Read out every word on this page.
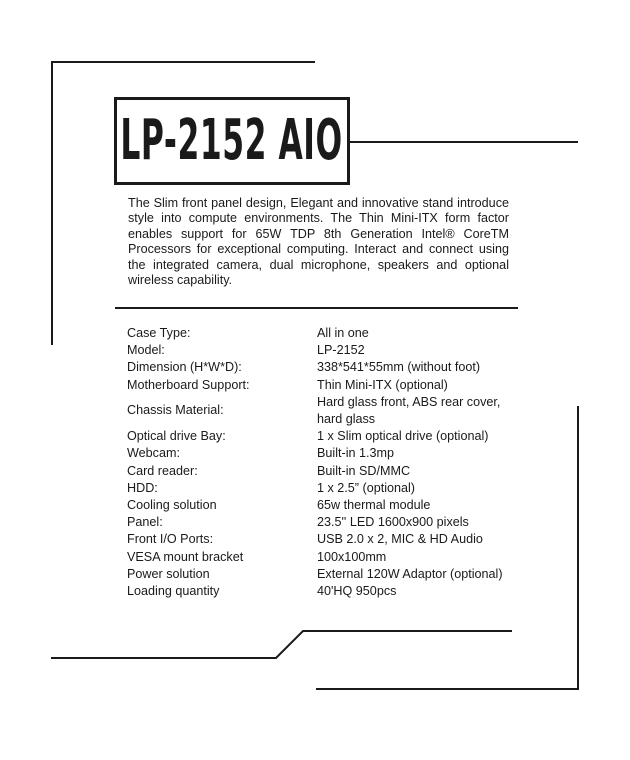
LP-2152 AIO

The Slim front panel design, Elegant and innovative stand introduce style into compute environments. The Thin Mini-ITX form factor enables support for 65W TDP 8th Generation Intel® CoreTM Processors for exceptional computing. Interact and connect using the integrated camera, dual microphone, speakers and optional wireless capability.

Case Type:	All in one
Model:	LP-2152
Dimension (H*W*D):	338*541*55mm (without foot)
Motherboard Support:	Thin Mini-ITX (optional)
Chassis Material:	Hard glass front, ABS rear cover,
hard glass
Optical drive Bay:	1 x Slim optical drive (optional)
Webcam:	Built-in 1.3mp
Card reader:	Built-in SD/MMC
HDD:	1 x 2.5” (optional)
Cooling solution	65w thermal module
Panel:	23.5'' LED 1600x900 pixels
Front I/O Ports:	USB 2.0 x 2, MIC & HD Audio
VESA mount bracket	100x100mm
Power solution	External 120W Adaptor (optional)
Loading quantity	40'HQ 950pcs
